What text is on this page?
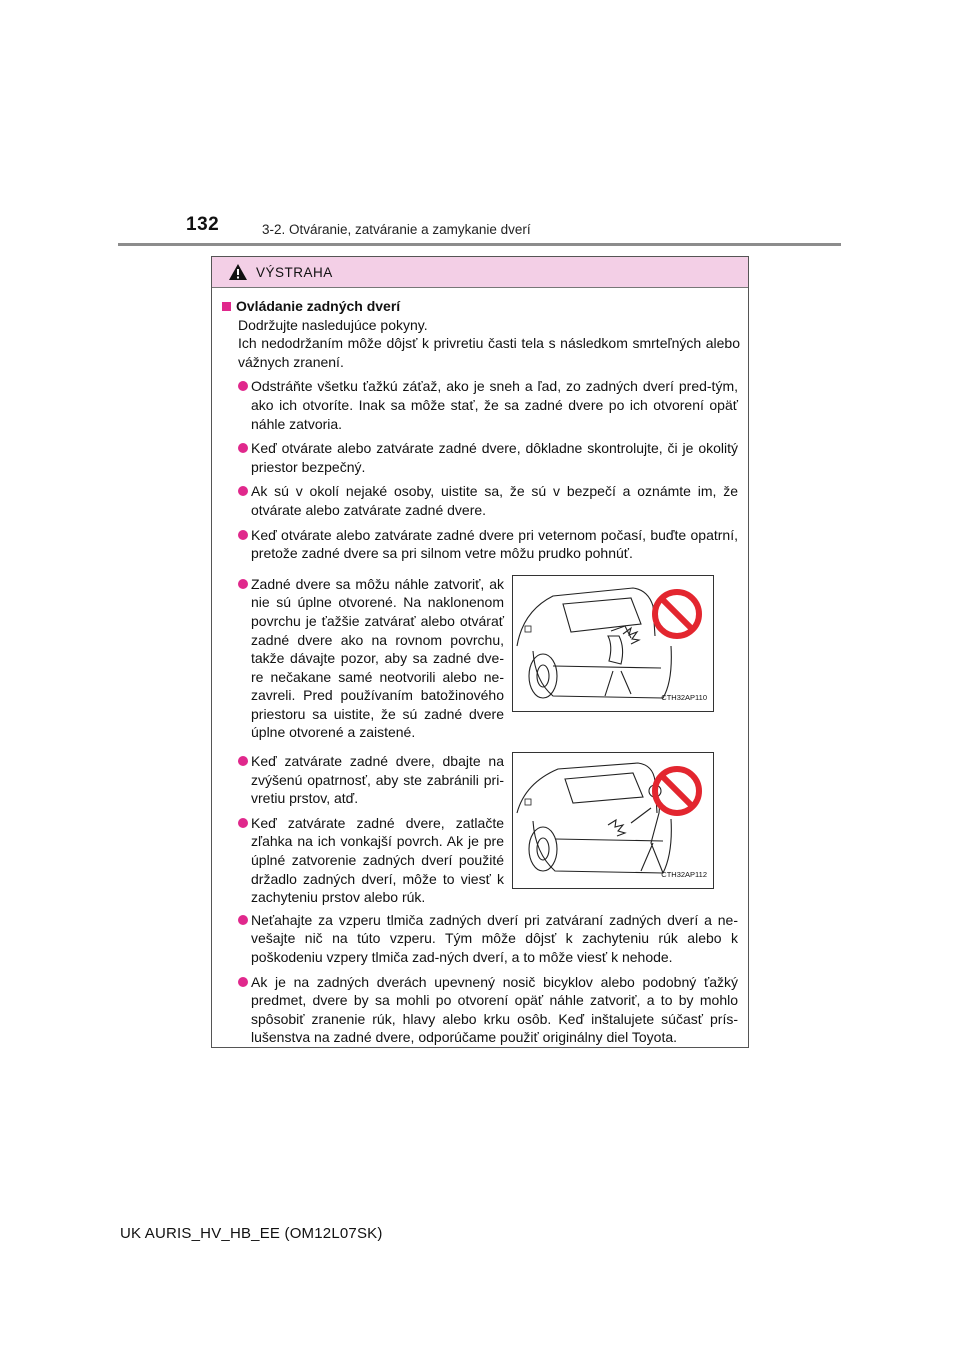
132	3-2. Otváranie, zatváranie a zamykanie dverí
VÝSTRAHA
Ovládanie zadných dverí
Dodržujte nasledujúce pokyny.
Ich nedodržaním môže dôjsť k privretiu časti tela s následkom smrteľných alebo vážnych zranení.
Odstráňte všetku ťažkú záťaž, ako je sneh a ľad, zo zadných dverí pred-tým, ako ich otvoríte. Inak sa môže stať, že sa zadné dvere po ich otvorení opäť náhle zatvoria.
Keď otvárate alebo zatvárate zadné dvere, dôkladne skontrolujte, či je okolitý priestor bezpečný.
Ak sú v okolí nejaké osoby, uistite sa, že sú v bezpečí a oznámte im, že otvárate alebo zatvárate zadné dvere.
Keď otvárate alebo zatvárate zadné dvere pri veternom počasí, buďte opatrní, pretože zadné dvere sa pri silnom vetre môžu prudko pohnúť.
Zadné dvere sa môžu náhle zatvoriť, ak nie sú úplne otvorené. Na naklonenom povrchu je ťažšie zatvárať alebo otvárať zadné dvere ako na rovnom povrchu, takže dávajte pozor, aby sa zadné dve-re nečakane samé neotvorili alebo ne-zavreli. Pred používaním batožinového priestoru sa uistite, že sú zadné dvere úplne otvorené a zaistené.
CTH32AP110
Keď zatvárate zadné dvere, dbajte na zvýšenú opatrnosť, aby ste zabránili pri-vretiu prstov, atď.
Keď zatvárate zadné dvere, zatlačte zľahka na ich vonkajší povrch. Ak je pre úplné zatvorenie zadných dverí použité držadlo zadných dverí, môže to viesť k zachyteniu prstov alebo rúk.
CTH32AP112
Neťahajte za vzperu tlmiča zadných dverí pri zatváraní zadných dverí a ne-vešajte nič na túto vzperu. Tým môže dôjsť k zachyteniu rúk alebo k poškodeniu vzpery tlmiča zad-ných dverí, a to môže viesť k nehode.
Ak je na zadných dverách upevnený nosič bicyklov alebo podobný ťažký predmet, dvere by sa mohli po otvorení opäť náhle zatvoriť, a to by mohlo spôsobiť zranenie rúk, hlavy alebo krku osôb. Keď inštalujete súčasť prís-lušenstva na zadné dvere, odporúčame použiť originálny diel Toyota.
UK AURIS_HV_HB_EE (OM12L07SK)
